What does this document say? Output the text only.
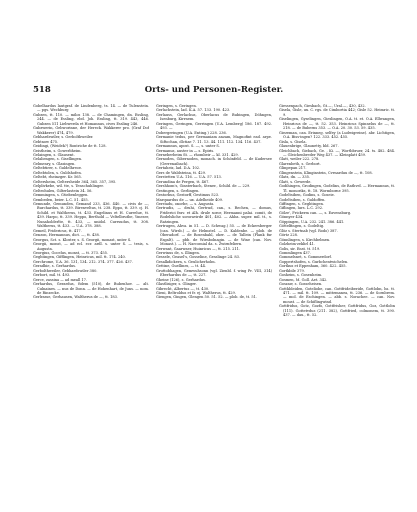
518	Orts- und Personen-Register.

Gobelhardus lautgraf. de Lindenberg, ts. 14. — de Tulenstein. — pgs. Wechburg

Gubzen, tt. 110. — milos 138. — de Chamingen, dn. Essling, 244. — de Essling, ebd. Joh. Essling, tt. 319. 443, 446. Gubzen 511 Liebwerda et Homannus, cives Essling 246.

Gubzwerin, Gebworinne, der Hereck. Wakkerer pro. (Graf Dof Wakkerer) 474, 479.

Gebhardswiler, s. Gerbolthweiler.

Gebtnow 475.

Geidingi, (Weidek?) Rontriche de tt. 128.

Geistheim, s. Gowerbheim.

Gelaingen, s. Glausent.

Gelaliengen, s. Gisellingen.

Gelmenry, s. Glasingen.

Geltebtirer, s. Guldelhreoe.

Geltebtolen, s. Guldshofen.

Geltebt, rheinzger. Kr. 565.

Geltersheim, Geltersheide 364, 365. 357, 395.

Gelplivkebe, wil. tte, s. Tenschuhlinger.

Geltrohuleu, Gilterlastein 34. 56.

Gemmingen, s. Gtiebenleggen.

Gembeden, beier. L.C. 51. 455.

Gemunde, Gemunden, Gemand 233, 436. 440. — civis de —, Burchardus, tt. 339. Birenveltus, tt. 238. Eppo, tt. 339. cj. H. Schild. et Waltherus, tt. 433. Engelinus et H. Currelue, tt. 439. Harpo, tt. 339. Heppo, Berthold — Veltelbrutbe, Ymeser, Nunaholderlte, tt. 433, — unidol. Currsudus, tt. 308. Waltherus, tt. 433. — U.A. 378. 388.

Gemeil, Fridericus, tt. 417.

Genzon, Hermannus, dict. —, tt. 438.

Georgus, Sct. s. Kloster, s. S. Georgii, monast, unter S.

Georgii, monst, — ad ecl. ecr. ardl. s. unter S. — tesis, s. Augusta.

Georgius, Gocelus, monst, — tt. 373. 455.

Geghtingen, Gifflingen, Heinricus, mil. tt. 174. 240.

Gerchrome, U.A. 36. 131, 134. 212. 374. 377. 426. 437.

Geradhie, s. Gerhardus.

Gerbolthweiler, Gebhardswiler 380.

Gerbort, mil. tt. 493.

Gerce, zassina — ad meall 17.

Gerhardus, Gerardus, fidem (510), de Bubenhov. — alt. Culnaines. — nus de Donn. — de Hohenhart, de Juns. — nom. de Rinzecke.

Gerlrasse, Gerhausen, Waltherus de —, tt. 183.

Geringen, s. Geringen.

Gerlachstein, lad. K.A. 57. 133. 190. 423.

Gerlauss, Gerlachus, Oberlacus de Bubingen, Döhngen, Isenburg, Kirrnem.

Geringen, Geringen, Gerringen (U.A. Lemberg) 186. 187. 492. 493. —

Dobergeringen (U.A. Enting.) 228. 236.

Germanie tedus, per Germaniam anzam, Magnofint ead. arpe. Siftochan, dlctiae 7. 11. 13. 44. 111. 112. 134. 116. 437.

Germannus, apost. S. —, s. unter S.

Germanus, auster in — s. Epiris.

Gerneberbeim St. — rhombeir — kl. 331. 429.

Gernoden, Gibernoden, monach. in Schönfeld. — de Kudersee (Gerrenaibach).

Gertaheiz, lad. D.A. 102.

Gers de Waldsteina, tt. 429.

Gerstetten U.A. 116. — U.A. 57. 513.

Gerundina de Pergen, tt. 467.

Gershhom's, Ginsterbach, Stener., Schild. de — 229.

Gestingen, s. Gerlingen.

Gestorbus, Gestorff, Gestimus 523.

Marquardus de — ux. Adelheide 409.

Gerstadu, onorbe, — s. Augusta.

Gertrudis, — druhi, Gertrud, can., s. Rechen, — domus, Friderici frav. et Alh. drule soror, Hermanni palai. comit, de Rodelsliche sororavirde 401, 402. — Ahba. super. mil. tt., s. Ratzingen.

Gertrugen, Ahva. in 51. — D. Schwag.) 55. — de Eckersberger (can. Wirsb.) — de Helmstel. — D. Kaldenbe. — plob. de Oberadorf. — de Rosenbahl, oher. — de Tallein (Flank fur Esgalt). — pbb. de Wirnbolnagin. — de Wine (can. Nov. Monast.). — H. Narcomial da. s. Zwirnfeliern.

Gerwant, Gaarwaer, Huinricus —, tt. 215. 211.

Gerwinus de, s. Illingen.

Gessele, Geasel's, Gosseline, Gesslinge 24. 83.

Gesalkdickern, s. Geulicherholm.

Gettine, Guellines, — tt. 44.

Gruttobhagen, Gemwuhsonn (vgl. Zienbl. f. wing Pr. VIII, 314) Eberhardus de —, tt. 227.

Gheine (126), s. Gerhardus.

Glastlisiger, s. Glinger.

Gibrecht, Albertus —, tt. 430.

Gieni, Beltroldus et fr. ej. Waltherus, tt. 429.

Giengen, Gingen, Glengen 50. 51. 52. — plob. de, tt. 51.

Giessenpach, Giesbach, Gt.—, Ural.—, 430, 432.

Gisela, Gisle, ux. C. rgs. de Cimbortia 442; Gisle 52. Heimric. tt. 9.

Giselingen, Gyselingen, Gieslingen, O.A. tt. et. O.A. Ellwangen, Heinricus de —, tt. 52. 353. Heinricus Spinnelus de —, tt. 218. — de Buberns 353. — O.A. 20. 30. 53. 59. 435.

Giezeman, can. Erinneg. selfey (a Ludwigreine). abr. Lichtigen, O.A. Biss-ingen? 122. 333. 452. 455.

Gisla, s. Gisela.

Glauenbrige, Glaunetty, bld. 267.

Gleichbach, Giebach, Ge. , Ki. —, Wortbbruer, 24. ts. 482. 484. — Gleichenbreder Weg 437. — Kleinplatt 459.

Glatt, weiler 222. 278.

Glarenbeth, s. Gerbort.

Glinpepan 217.

Glingenstein, Klinginstein, Cvrnarduu de —, tt. 108.

Glatz, dn. — 335.

Glatt, s. Gewerde.

Godihingen, Grodingen, Godelins, de Rathvel. — Hermannus, tt. Tl. monoriks, tt. 18. Wormborne 395.

Godeltsiben, Godins, s. Goseie.

Godeltsiben, s. Guldoffen.

Giffingen, s. Geghtingen.

Giflingen, lurs. L.C. 292.

Gölze', Frickerm can. —, s. Eavensburg.

Gönnyer 434.

Göppingen, U.A. 232. 241. 386. 441.

Göttelfingen, s. Godeltig.

Glöz s. Stertnab (vgl. Rodo) 387.

Görtz 228.

Gönnlingen, s. Kirchbelmen.

Golzheim-zeklirl 41.

Golis, sir. Enst. tt. 519.

Gommlingen 437.

Gommelsnet, s. Gommerdorf.

Goppertshofen, s. Gurbchentwichelen.

Gortkus et Eppenham, 360. 422. 455.

Gortkbile 379.

Gosheim, s. Gosenheim.

Gosmen, M. Goll. Aet. 342.

Goszaw, s. Gosseheisen.

Gotthbleiden, Goteliobe, can. Gottfrideiberide, Gottlobn, hs. tt. 471. — mil. tt. 109. — mittemanea, tt. 236. — de Sornbrem. — mol. de Eschingen. — abb. s. Norachee. — can. Nov. moust. — de Schiflingwind.

Gottfridus, Gotz, Gozfo, Gottfrisher, Gottfridus, Goz, Gottlobn (111). Gottetvdus (211. 382), Gottfried, colmonem, tt. 390. 437. — dau., tt. 52.
